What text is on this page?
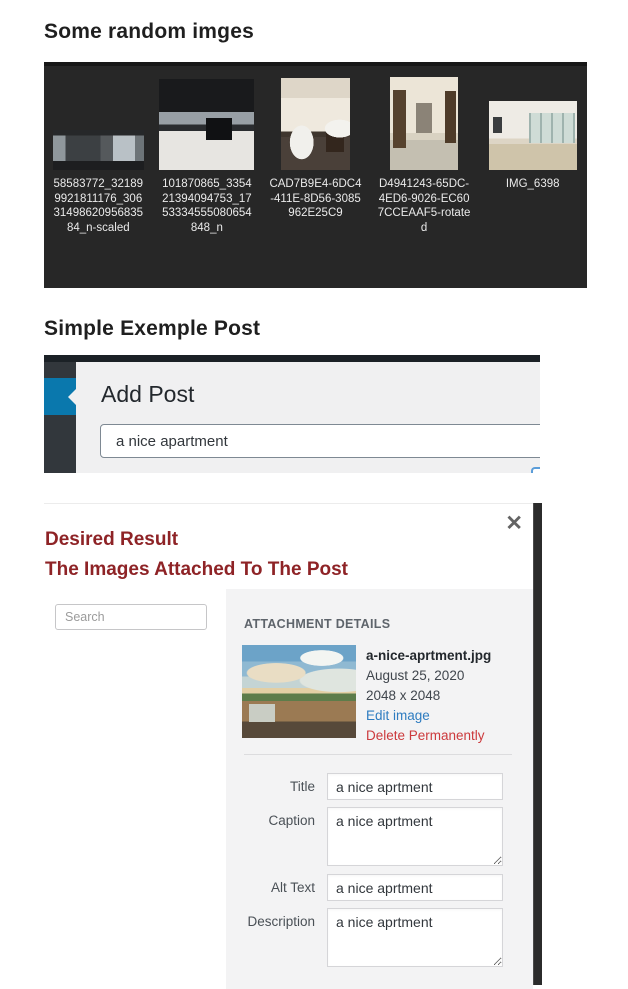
Some random imges
58583772_321899921811176_3063149862095683584_n-scaled
101870865_335421394094753_1753334555080654848_n
CAD7B9E4-6DC4-411E-8D56-3085962E25C9
D4941243-65DC-4ED6-9026-EC607CCEAAF5-rotated
IMG_6398
Simple Exemple Post
Add Post
a nice apartment
✕
Desired Result
The Images Attached To The Post
Search
ATTACHMENT DETAILS
a-nice-aprtment.jpg
August 25, 2020
2048 x 2048
Edit image
Delete Permanently
Title
a nice aprtment
Caption
a nice aprtment
Alt Text
a nice aprtment
Description
a nice aprtment
